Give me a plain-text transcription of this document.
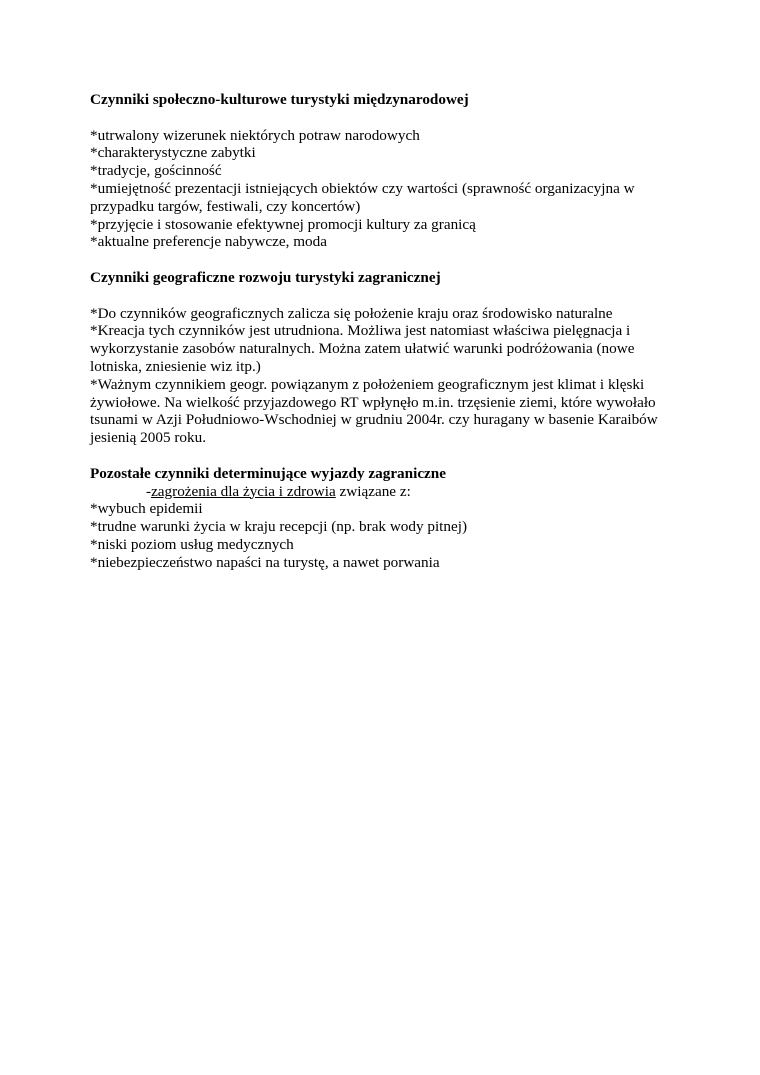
Czynniki społeczno-kulturowe turystyki międzynarodowej

*utrwalony wizerunek niektórych potraw narodowych

*charakterystyczne zabytki

*tradycje, gościnność

*umiejętność prezentacji istniejących obiektów czy wartości (sprawność organizacyjna w

przypadku targów, festiwali, czy koncertów)

*przyjęcie i stosowanie efektywnej promocji kultury za granicą

*aktualne preferencje nabywcze, moda

Czynniki geograficzne rozwoju turystyki zagranicznej

*Do czynników geograficznych zalicza się położenie kraju oraz środowisko naturalne

*Kreacja tych czynników jest utrudniona. Możliwa jest natomiast właściwa pielęgnacja i

wykorzystanie zasobów naturalnych. Można zatem ułatwić warunki podróżowania (nowe

lotniska, zniesienie wiz itp.)

*Ważnym czynnikiem geogr. powiązanym z położeniem geograficznym jest klimat i klęski

żywiołowe. Na wielkość przyjazdowego RT wpłynęło m.in. trzęsienie ziemi, które wywołało

tsunami w Azji Południowo-Wschodniej w grudniu 2004r. czy huragany w basenie Karaibów

jesienią 2005 roku.

Pozostałe czynniki determinujące wyjazdy zagraniczne

-zagrożenia dla życia i zdrowia związane z:

*wybuch epidemii

*trudne warunki życia w kraju recepcji (np. brak wody pitnej)

*niski poziom usług medycznych

*niebezpieczeństwo napaści na turystę, a nawet porwania
